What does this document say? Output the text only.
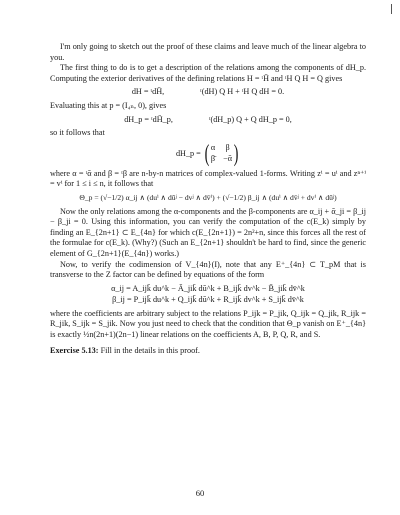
I'm only going to sketch out the proof of these claims and leave much of the linear algebra to you.

The first thing to do is to get a description of the relations among the components of dH_p. Computing the exterior derivatives of the defining relations H = ᵗH̄ and ᵗH Q H = Q gives

dH = ᵗdH̄,	ᵗ(dH) Q H + ᵗH Q dH = 0.

Evaluating this at p = (I₄ₙ, 0), gives

dH_p = ᵗdH̄_p,	ᵗ(dH_p) Q + Q dH_p = 0,

so it follows that

dH_p = ( α β
β̄ −ᾱ )

where α = ᵗᾱ and β = ᵗβ are n-by-n matrices of complex-valued 1-forms. Writing zⁱ = uⁱ and zⁿ⁺ⁱ = vⁱ for 1 ≤ i ≤ n, it follows that

Θ_p = (√−1/2) α_ij ∧ (duⁱ ∧ dūʲ − dvʲ ∧ dv̄ⁱ) + (√−1/2) β_ij ∧ (duⁱ ∧ dv̄ʲ + dvⁱ ∧ dūʲ)

Now the only relations among the α-components and the β-components are α_ij + ᾱ_ji = β_ij − β_ji = 0. Using this information, you can verify the computation of the c(E_k) simply by finding an E_{2n+1} ⊂ E_{4n} for which c(E_{2n+1}) = 2n²+n, since this forces all the rest of the formulae for c(E_k). (Why?) (Such an E_{2n+1} shouldn't be hard to find, since the generic element of G_{2n+1}(E_{4n}) works.)

Now, to verify the codimension of V_{4n}(I), note that any E⁺_{4n} ⊂ T_pM that is transverse to the Z factor can be defined by equations of the form

α_ij = A_ijk̄ du^k − Ā_jik̄ dū^k + B_ijk̄ dv^k − B̄_jik̄ dv̄^k
β_ij = P_ijk̄ du^k + Q_ijk̄ dū^k + R_ijk̄ dv^k + S_ijk̄ dv̄^k

where the coefficients are arbitrary subject to the relations P_ijk = P_jik, Q_ijk = Q_jik, R_ijk = R_jik, S_ijk = S_jik. Now you just need to check that the condition that Θ_p vanish on E⁺_{4n} is exactly ½n(2n+1)(2n−1) linear relations on the coefficients A, B, P, Q, R, and S.

Exercise 5.13: Fill in the details in this proof.

60
